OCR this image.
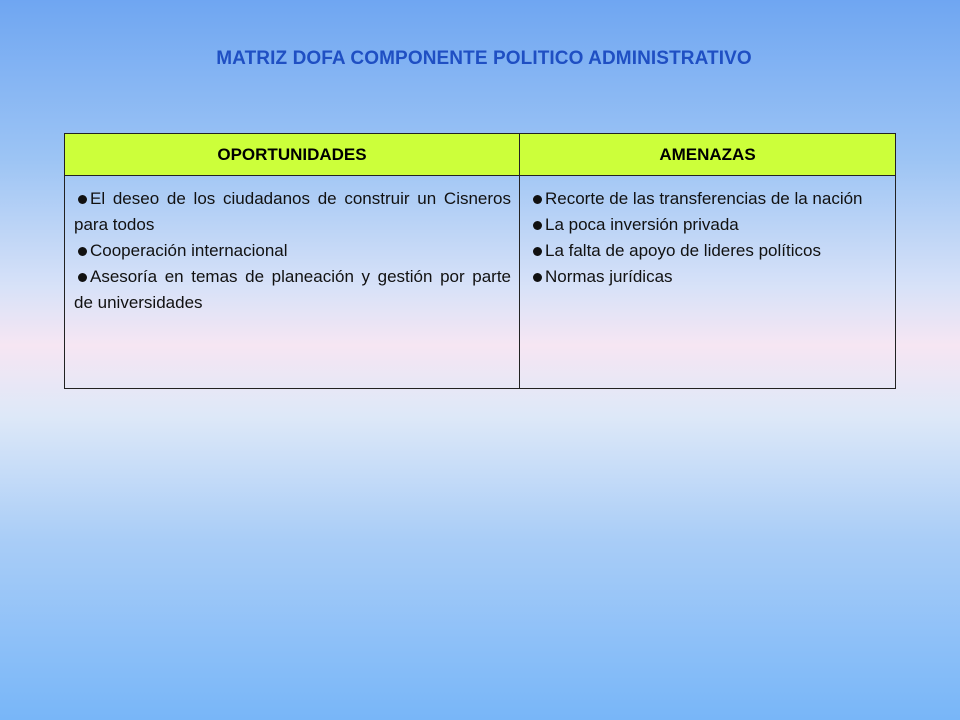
MATRIZ DOFA COMPONENTE POLITICO ADMINISTRATIVO
OPORTUNIDADES	AMENAZAS

El deseo de los ciudadanos de construir un Cisneros para todos

Cooperación internacional

Asesoría en temas de planeación y gestión por parte de universidades

Recorte de las transferencias de la nación

La poca inversión privada

La falta de apoyo de lideres políticos

Normas jurídicas
